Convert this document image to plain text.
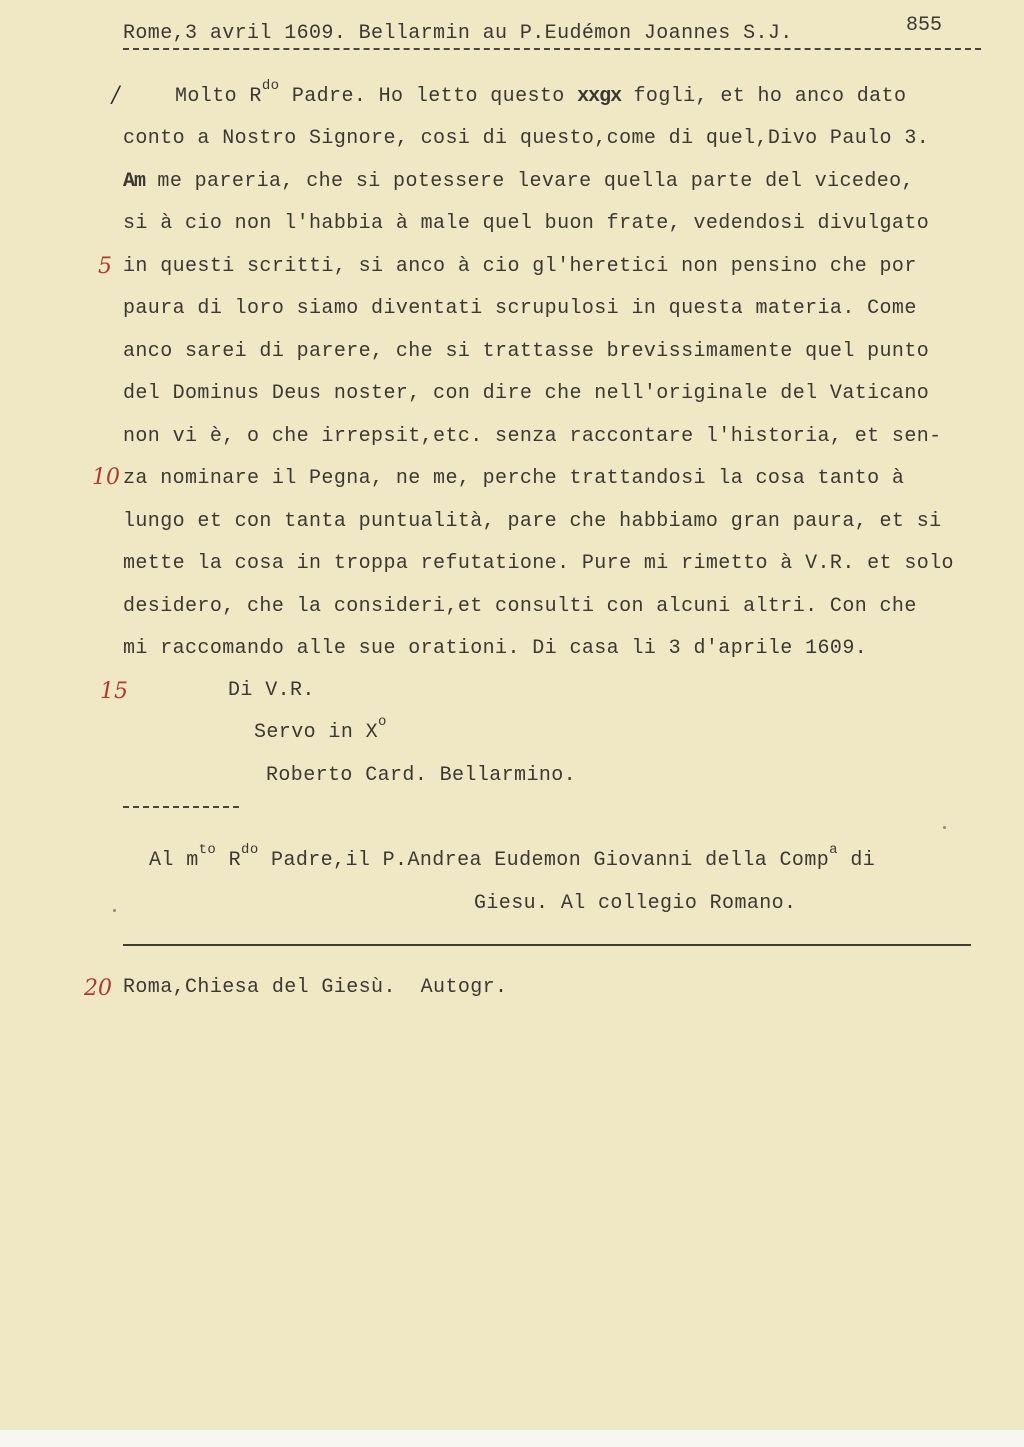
Rome,3 avril 1609. Bellarmin au P.Eudémon Joannes S.J.	855
/
5
10
15
20
Molto $R^{do}$ Padre. Ho letto questo xxgx fogli, et ho anco dato
conto a Nostro Signore, cosi di questo,come di quel,Divo Paulo 3.
Am me pareria, che si potessere levare quella parte del vicedeo,
si à cio non l'habbia à male quel buon frate, vedendosi divulgato
in questi scritti, si anco à cio gl'heretici non pensino che por
paura di loro siamo diventati scrupulosi in questa materia. Come
anco sarei di parere, che si trattasse brevissimamente quel punto
del Dominus Deus noster, con dire che nell'originale del Vaticano
non vi è, o che irrepsit,etc. senza raccontare l'historia, et sen-
za nominare il Pegna, ne me, perche trattandosi la cosa tanto à
lungo et con tanta puntualità, pare che habbiamo gran paura, et si
mette la cosa in troppa refutatione. Pure mi rimetto à V.R. et solo
desidero, che la consideri,et consulti con alcuni altri. Con che
mi raccomando alle sue orationi. Di casa li 3 d'aprile 1609.
Di V.R.
Servo in $X^o$
Roberto Card. Bellarmino.
Al $m^{to}$ $R^{do}$ Padre,il P.Andrea Eudemon Giovanni della Comp$^a$ di
Giesu. Al collegio Romano.
Roma,Chiesa del Giesù.  Autogr.
